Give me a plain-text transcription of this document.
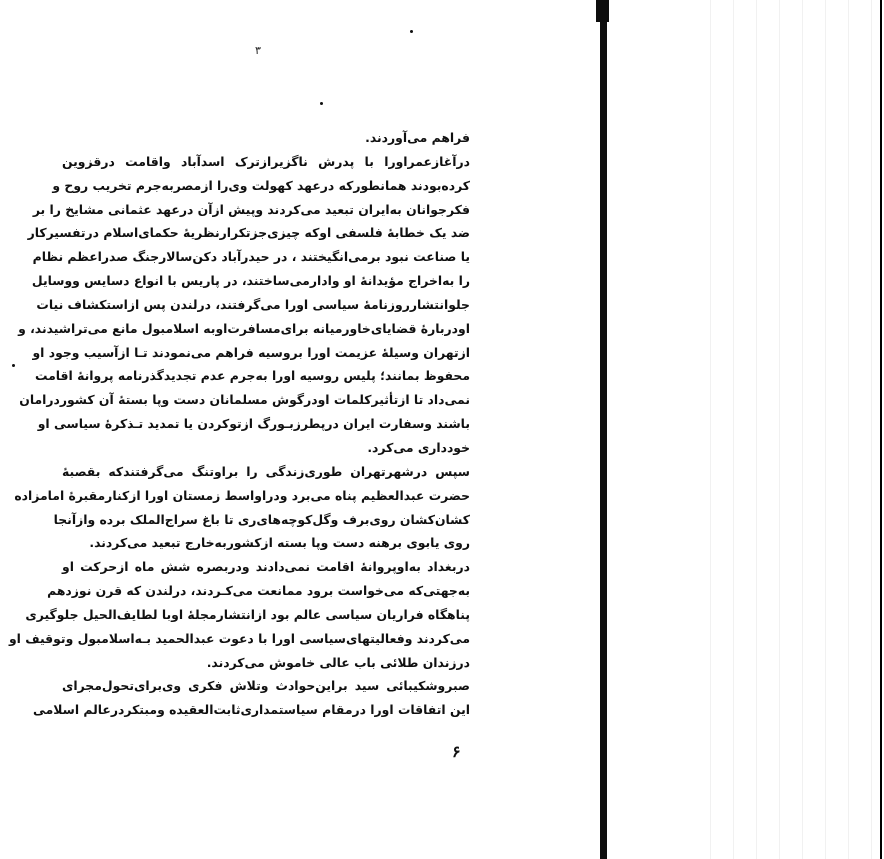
۳
فراهم می‌آوردند.
درآغازعمراورا با پدرش ناگزیرازترک اسدآباد واقامت درقزوین
کرده‌بودند همانطورکه درعهد کهولت وی‌را ازمصربه‌جرم تخریب روح و
فکرجوانان به‌ایران تبعید می‌کردند وپیش ازآن درعهد عثمانی مشایخ را بر
ضد یک خطابهٔ فلسفی اوکه چیزی‌جزتکرارنظریهٔ حکمای‌اسلام درتفسیرکار
یا صناعت نبود برمی‌انگیختند ، در حیدرآباد دکن‌سالارجنگ صدراعظم نظام
را به‌اخراج مؤیدانهٔ او وادارمی‌ساختند، در پاریس با انواع دسایس ووسایل
جلوانتشارروزنامهٔ سیاسی اورا می‌گرفتند، درلندن پس ازاستکشاف نیات
اودربارهٔ قضایای‌خاورمیانه برای‌مسافرت‌اوبه اسلامبول مانع می‌تراشیدند، و
ازتهران وسیلهٔ عزیمت اورا بروسیه فراهم می‌نمودند تـا ازآسیب وجود او
محفوظ بمانند؛ پلیس روسیه اورا به‌جرم عدم تجدیدگذرنامه پروانهٔ اقامت
نمی‌داد تا ازتأثیرکلمات اودرگوش مسلمانان دست وپا بستهٔ آن کشوردرامان
باشند وسفارت ایران درپطرزبـورگ ازتوکردن یا تمدید تـذکرهٔ سیاسی او
خودداری می‌کرد.
سپس درشهرتهران طوری‌زندگی را براوتنگ می‌گرفتندکه بقصبهٔ
حضرت عبدالعظیم پناه می‌برد ودراواسط زمستان اورا ازکنارمقبرهٔ امامزاده
کشان‌کشان روی‌برف وگل‌کوچه‌های‌ری تا باغ سراج‌الملک برده وازآنجا
روی یابوی برهنه دست وپا بسته ازکشوربه‌خارج تبعید می‌کردند.
دربغداد به‌اوپروانهٔ اقامت نمی‌دادند ودربصره شش ماه ازحرکت او
به‌جهتی‌که می‌خواست برود ممانعت می‌کـردند، درلندن که قرن نوزدهم
پناهگاه فراریان سیاسی عالم بود ازانتشارمجلهٔ اوبا لطایف‌الحیل جلوگیری
می‌کردند وفعالیتهای‌سیاسی اورا با دعوت عبدالحمید بـه‌اسلامبول وتوقیف او
درزندان طلائی باب عالی خاموش می‌کردند.
صبروشکیبائی سید براین‌حوادث وتلاش فکری وی‌برای‌تحول‌مجرای
این اتفاقات اورا درمقام سیاستمداری‌ثابت‌العقیده ومبتکردرعالم اسلامی
۶
